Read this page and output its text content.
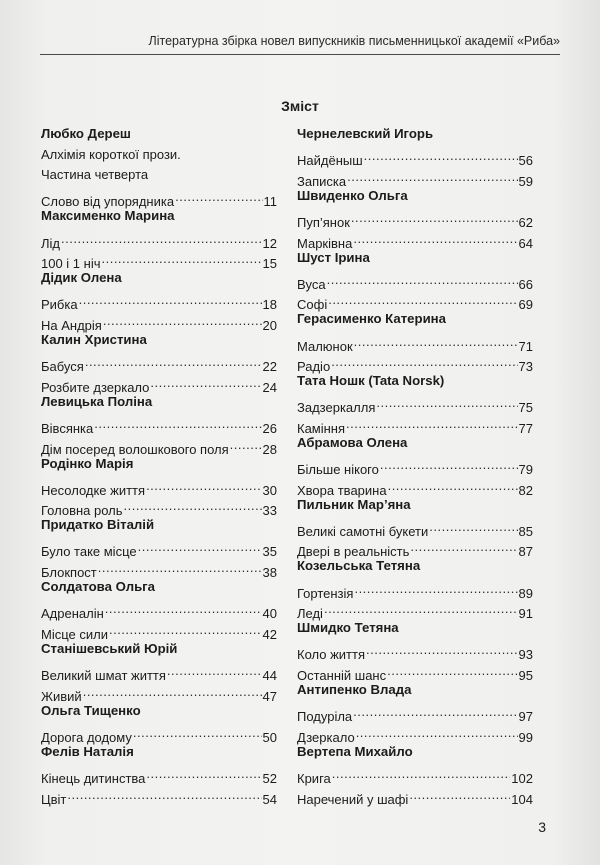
Літературна збірка новел випускників письменницької академії «Риба»
Зміст
Любко Дереш
Алхімія короткої прози.
Частина четверта
Слово від упорядника .....	11
Максименко Марина
Лід .....	12
100 і 1 ніч .....	15
Дідик Олена
Рибка .....	18
На Андрія .....	20
Калин Христина
Бабуся .....	22
Розбите дзеркало .....	24
Левицька Поліна
Вівсянка .....	26
Дім посеред волошкового поля .....	28
Родінко Марія
Несолодке життя .....	30
Головна роль .....	33
Придатко Віталій
Було таке місце .....	35
Блокпост .....	38
Солдатова Ольга
Адреналін .....	40
Місце сили .....	42
Станішевський Юрій
Великий шмат життя .....	44
Живий .....	47
Ольга Тищенко
Дорога додому .....	50
Фелів Наталія
Кінець дитинства .....	52
Цвіт .....	54
Чернелевский Игорь
Найдёныш .....	56
Записка .....	59
Швиденко Ольга
Пуп’янок .....	62
Марківна .....	64
Шуст Ірина
Вуса .....	66
Софі .....	69
Герасименко Катерина
Малюнок .....	71
Радіо .....	73
Тата Ношк (Tata Norsk)
Задзеркалля .....	75
Каміння .....	77
Абрамова Олена
Більше нікого .....	79
Хвора тварина .....	82
Пильник Мар’яна
Великі самотні букети .....	85
Двері в реальність .....	87
Козельська Тетяна
Гортензія .....	89
Леді .....	91
Шмидко Тетяна
Коло життя .....	93
Останній шанс .....	95
Антипенко Влада
Подуріла .....	97
Дзеркало .....	99
Вертепа Михайло
Крига .....	102
Наречений у шафі .....	104
3
